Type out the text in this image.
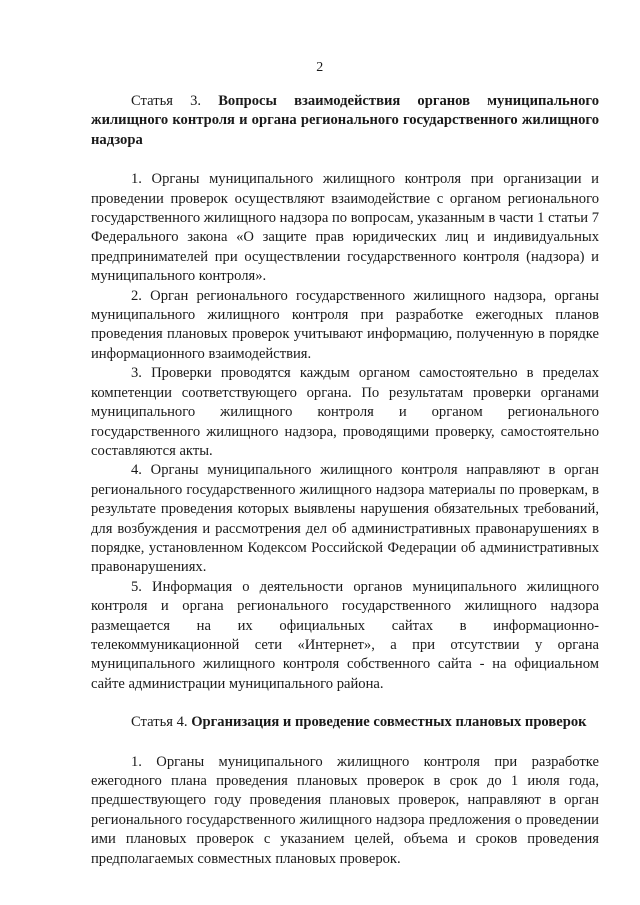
2

Статья 3. Вопросы взаимодействия органов муниципального жилищного контроля и органа регионального государственного жилищного надзора

1. Органы муниципального жилищного контроля при организации и проведении проверок осуществляют взаимодействие с органом регионального государственного жилищного надзора по вопросам, указанным в части 1 статьи 7 Федерального закона «О защите прав юридических лиц и индивидуальных предпринимателей при осуществлении государственного контроля (надзора) и муниципального контроля».

2. Орган регионального государственного жилищного надзора, органы муниципального жилищного контроля при разработке ежегодных планов проведения плановых проверок учитывают информацию, полученную в порядке информационного взаимодействия.

3. Проверки проводятся каждым органом самостоятельно в пределах компетенции соответствующего органа. По результатам проверки органами муниципального жилищного контроля и органом регионального государственного жилищного надзора, проводящими проверку, самостоятельно составляются акты.

4. Органы муниципального жилищного контроля направляют в орган регионального государственного жилищного надзора материалы по проверкам, в результате проведения которых выявлены нарушения обязательных требований, для возбуждения и рассмотрения дел об административных правонарушениях в порядке, установленном Кодексом Российской Федерации об административных правонарушениях.

5. Информация о деятельности органов муниципального жилищного контроля и органа регионального государственного жилищного надзора размещается на их официальных сайтах в информационно-телекоммуникационной сети «Интернет», а при отсутствии у органа муниципального жилищного контроля собственного сайта - на официальном сайте администрации муниципального района.

Статья 4. Организация и проведение совместных плановых проверок

1. Органы муниципального жилищного контроля при разработке ежегодного плана проведения плановых проверок в срок до 1 июля года, предшествующего году проведения плановых проверок, направляют в орган регионального государственного жилищного надзора предложения о проведении ими плановых проверок с указанием целей, объема и сроков проведения предполагаемых совместных плановых проверок.
